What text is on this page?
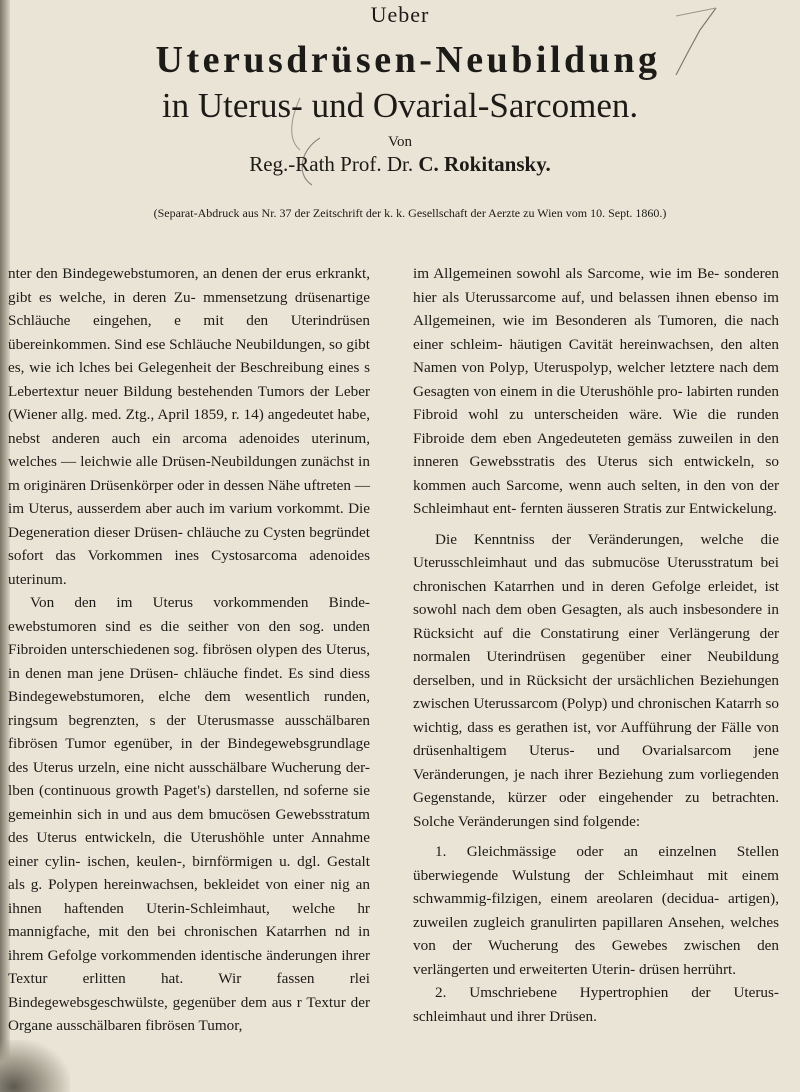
Ueber
Uterusdrüsen-Neubildung
in Uterus- und Ovarial-Sarcomen.
Von
Reg.-Rath Prof. Dr. C. Rokitansky.
(Separat-Abdruck aus Nr. 37 der Zeitschrift der k. k. Gesellschaft der Aerzte zu Wien vom 10. Sept. 1860.)

nter den Bindegewebstumoren, an denen der erus erkrankt, gibt es welche, in deren Zu- mmensetzung drüsenartige Schläuche eingehen, e mit den Uterindrüsen übereinkommen. Sind ese Schläuche Neubildungen, so gibt es, wie ich lches bei Gelegenheit der Beschreibung eines s Lebertextur neuer Bildung bestehenden Tumors der Leber (Wiener allg. med. Ztg., April 1859, r. 14) angedeutet habe, nebst anderen auch ein arcoma adenoides uterinum, welches — leichwie alle Drüsen-Neubildungen zunächst in m originären Drüsenkörper oder in dessen Nähe uftreten — im Uterus, ausserdem aber auch im varium vorkommt. Die Degeneration dieser Drüsen- chläuche zu Cysten begründet sofort das Vorkommen ines Cystosarcoma adenoides uterinum.

Von den im Uterus vorkommenden Binde- ewebstumoren sind es die seither von den sog. unden Fibroiden unterschiedenen sog. fibrösen olypen des Uterus, in denen man jene Drüsen- chläuche findet. Es sind diess Bindegewebstumoren, elche dem wesentlich runden, ringsum begrenzten, s der Uterusmasse ausschälbaren fibrösen Tumor egenüber, in der Bindegewebsgrundlage des Uterus urzeln, eine nicht ausschälbare Wucherung der- lben (continuous growth Paget's) darstellen, nd soferne sie gemeinhin sich in und aus dem bmucösen Gewebsstratum des Uterus entwickeln, die Uterushöhle unter Annahme einer cylin- ischen, keulen-, birnförmigen u. dgl. Gestalt als g. Polypen hereinwachsen, bekleidet von einer nig an ihnen haftenden Uterin-Schleimhaut, welche hr mannigfache, mit den bei chronischen Katarrhen nd in ihrem Gefolge vorkommenden identische änderungen ihrer Textur erlitten hat. Wir fassen rlei Bindegewebsgeschwülste, gegenüber dem aus r Textur der Organe ausschälbaren fibrösen Tumor,

im Allgemeinen sowohl als Sarcome, wie im Be- sonderen hier als Uterussarcome auf, und belassen ihnen ebenso im Allgemeinen, wie im Besonderen als Tumoren, die nach einer schleim- häutigen Cavität hereinwachsen, den alten Namen von Polyp, Uteruspolyp, welcher letztere nach dem Gesagten von einem in die Uterushöhle pro- labirten runden Fibroid wohl zu unterscheiden wäre. Wie die runden Fibroide dem eben Angedeuteten gemäss zuweilen in den inneren Gewebsstratis des Uterus sich entwickeln, so kommen auch Sarcome, wenn auch selten, in den von der Schleimhaut ent- fernten äusseren Stratis zur Entwickelung.

Die Kenntniss der Veränderungen, welche die Uterusschleimhaut und das submucöse Uterusstratum bei chronischen Katarrhen und in deren Gefolge erleidet, ist sowohl nach dem oben Gesagten, als auch insbesondere in Rücksicht auf die Constatirung einer Verlängerung der normalen Uterindrüsen gegenüber einer Neubildung derselben, und in Rücksicht der ursächlichen Beziehungen zwischen Uterussarcom (Polyp) und chronischen Katarrh so wichtig, dass es gerathen ist, vor Aufführung der Fälle von drüsenhaltigem Uterus- und Ovarialsarcom jene Veränderungen, je nach ihrer Beziehung zum vorliegenden Gegenstande, kürzer oder eingehender zu betrachten. Solche Veränderungen sind folgende:

1. Gleichmässige oder an einzelnen Stellen überwiegende Wulstung der Schleimhaut mit einem schwammig-filzigen, einem areolaren (decidua- artigen), zuweilen zugleich granulirten papillaren Ansehen, welches von der Wucherung des Gewebes zwischen den verlängerten und erweiterten Uterin- drüsen herrührt.

2. Umschriebene Hypertrophien der Uterus- schleimhaut und ihrer Drüsen.
